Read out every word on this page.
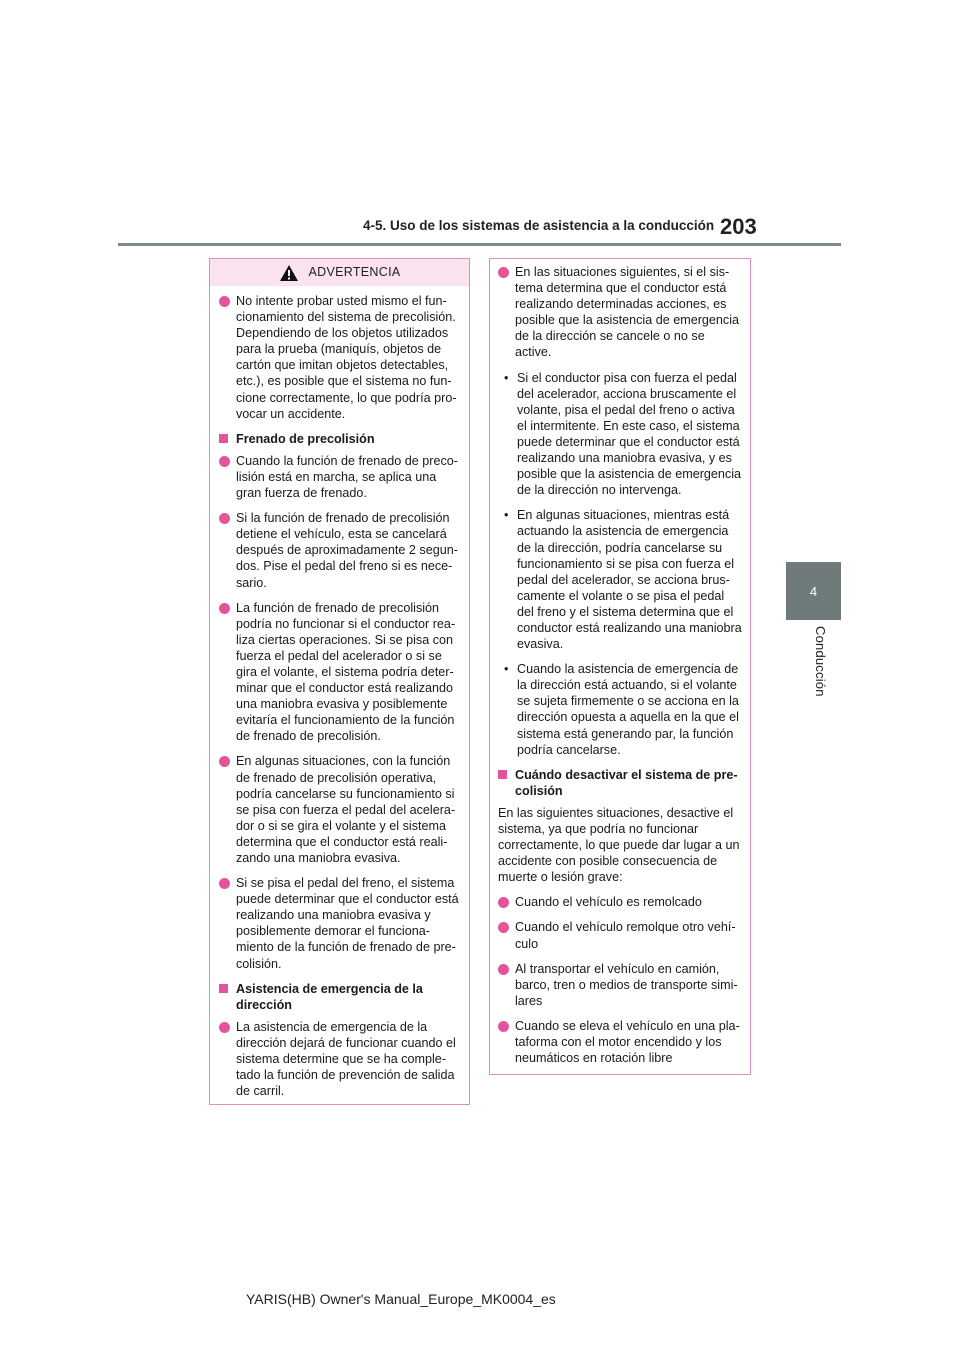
4-5. Uso de los sistemas de asistencia a la conducción 203
4
Conducción
ADVERTENCIA
No intente probar usted mismo el funcionamiento del sistema de precolisión. Dependiendo de los objetos utilizados para la prueba (maniquís, objetos de cartón que imitan objetos detectables, etc.), es posible que el sistema no funcione correctamente, lo que podría provocar un accidente.
Frenado de precolisión
Cuando la función de frenado de precolisión está en marcha, se aplica una gran fuerza de frenado.
Si la función de frenado de precolisión detiene el vehículo, esta se cancelará después de aproximadamente 2 segundos. Pise el pedal del freno si es necesario.
La función de frenado de precolisión podría no funcionar si el conductor realiza ciertas operaciones. Si se pisa con fuerza el pedal del acelerador o si se gira el volante, el sistema podría determinar que el conductor está realizando una maniobra evasiva y posiblemente evitaría el funcionamiento de la función de frenado de precolisión.
En algunas situaciones, con la función de frenado de precolisión operativa, podría cancelarse su funcionamiento si se pisa con fuerza el pedal del acelerador o si se gira el volante y el sistema determina que el conductor está realizando una maniobra evasiva.
Si se pisa el pedal del freno, el sistema puede determinar que el conductor está realizando una maniobra evasiva y posiblemente demorar el funcionamiento de la función de frenado de precolisión.
Asistencia de emergencia de la dirección
La asistencia de emergencia de la dirección dejará de funcionar cuando el sistema determine que se ha completado la función de prevención de salida de carril.
En las situaciones siguientes, si el sistema determina que el conductor está realizando determinadas acciones, es posible que la asistencia de emergencia de la dirección se cancele o no se active.
• Si el conductor pisa con fuerza el pedal del acelerador, acciona bruscamente el volante, pisa el pedal del freno o activa el intermitente. En este caso, el sistema puede determinar que el conductor está realizando una maniobra evasiva, y es posible que la asistencia de emergencia de la dirección no intervenga.
• En algunas situaciones, mientras está actuando la asistencia de emergencia de la dirección, podría cancelarse su funcionamiento si se pisa con fuerza el pedal del acelerador, se acciona bruscamente el volante o se pisa el pedal del freno y el sistema determina que el conductor está realizando una maniobra evasiva.
• Cuando la asistencia de emergencia de la dirección está actuando, si el volante se sujeta firmemente o se acciona en la dirección opuesta a aquella en la que el sistema está generando par, la función podría cancelarse.
Cuándo desactivar el sistema de precolisión
En las siguientes situaciones, desactive el sistema, ya que podría no funcionar correctamente, lo que puede dar lugar a un accidente con posible consecuencia de muerte o lesión grave:
Cuando el vehículo es remolcado
Cuando el vehículo remolque otro vehículo
Al transportar el vehículo en camión, barco, tren o medios de transporte similares
Cuando se eleva el vehículo en una plataforma con el motor encendido y los neumáticos en rotación libre
YARIS(HB) Owner's Manual_Europe_MK0004_es
